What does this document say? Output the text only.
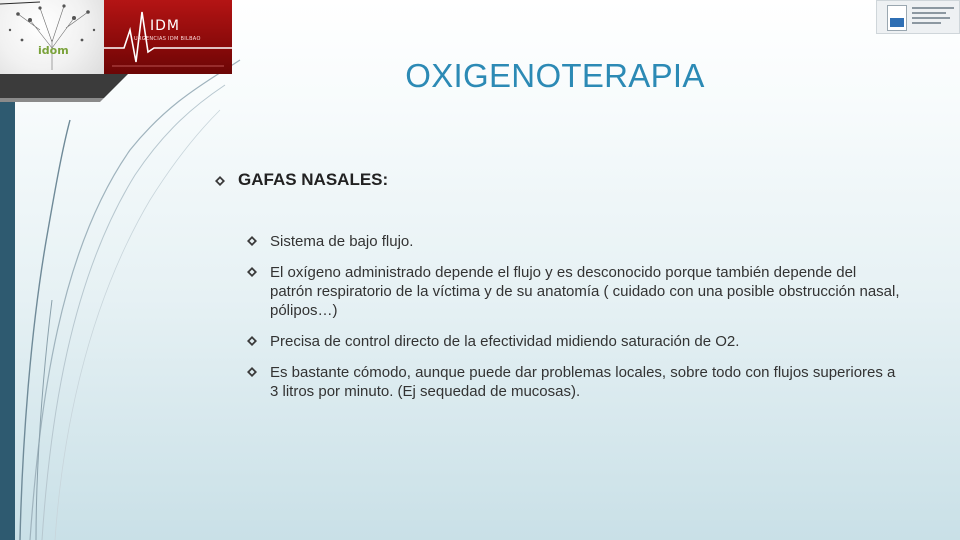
idom
IDM
URGENCIAS IDM BILBAO
OXIGENOTERAPIA
GAFAS NASALES:
Sistema de bajo flujo.
El oxígeno administrado depende el flujo y es desconocido porque también depende del patrón respiratorio de la víctima y de su anatomía ( cuidado con una posible obstrucción nasal, pólipos…)
Precisa de control directo de la efectividad midiendo saturación de O2.
Es bastante cómodo, aunque puede dar problemas locales, sobre todo con flujos superiores a 3 litros por minuto. (Ej sequedad de mucosas).
